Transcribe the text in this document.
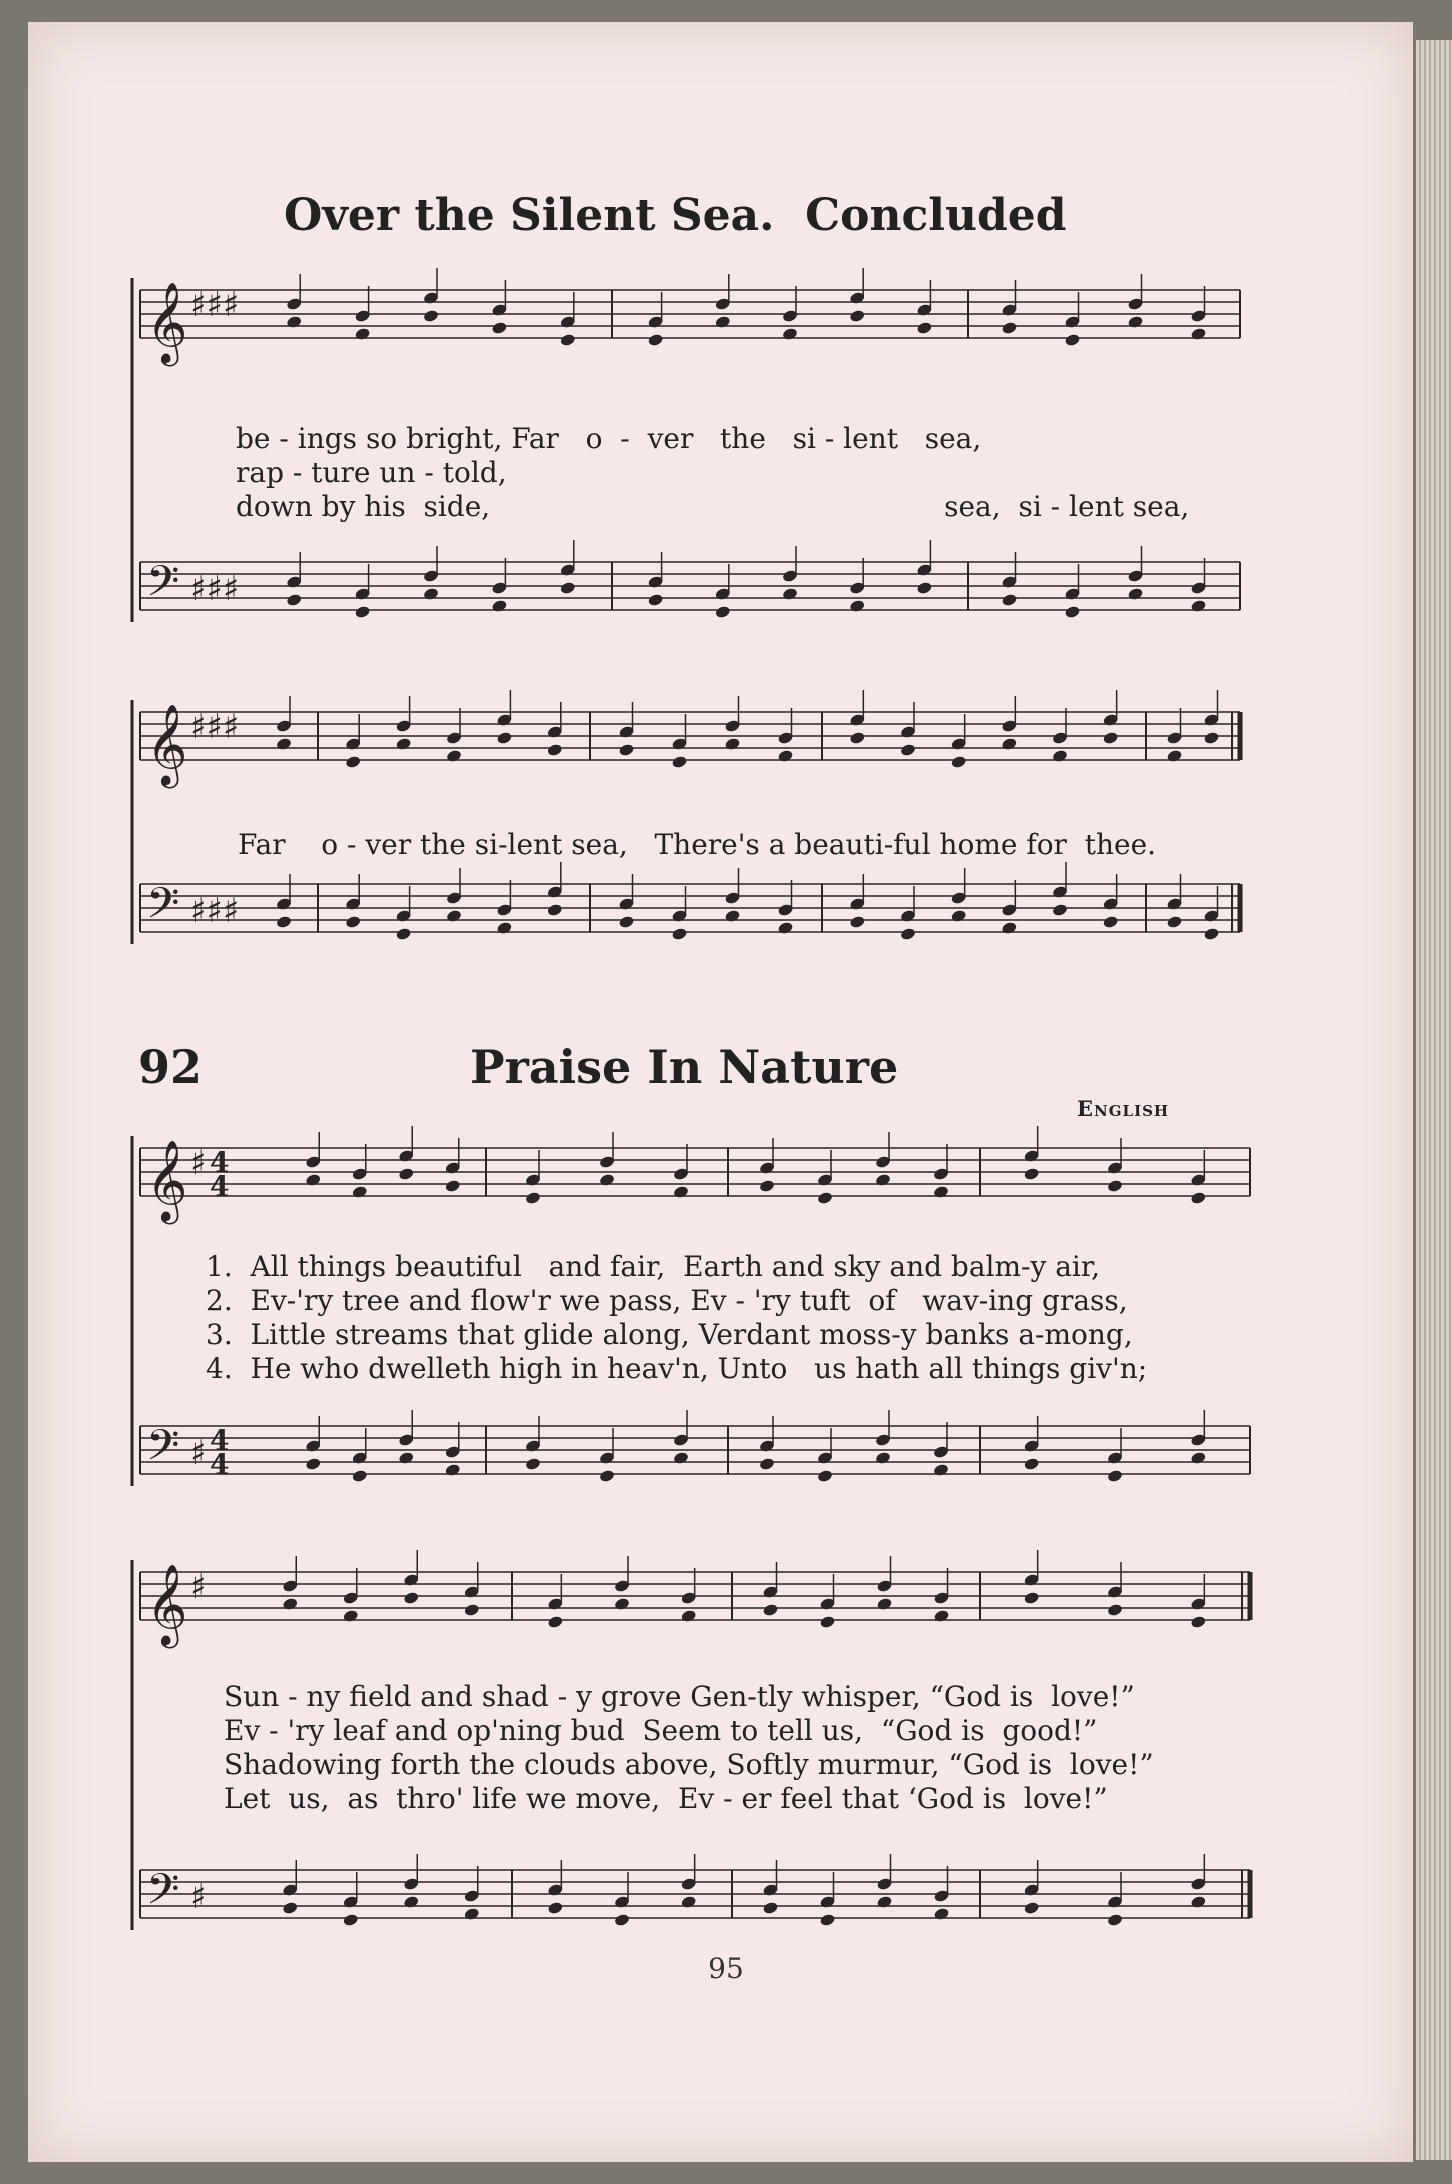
Over the Silent Sea. Concluded
𝄞
𝄢
♯♯♯
♯♯♯
𝄞
𝄢
♯♯♯
♯♯♯
𝄞
𝄢
♯
♯
4
4
4
4
𝄞
𝄢
♯
♯
be - ings so bright, Far   o  -  ver   the   si - lent   sea,
rap - ture un - told,
down by his  side,                                                   sea,  si - lent sea,
Far    o - ver the si-lent sea,   There's a beauti-ful home for  thee.
92	Praise In Nature
English
1.  All things beautiful   and fair,  Earth and sky and balm-y air,
2.  Ev-'ry tree and flow'r we pass, Ev - 'ry tuft  of   wav-ing grass,
3.  Little streams that glide along, Verdant moss-y banks a-mong,
4.  He who dwelleth high in heav'n, Unto   us hath all things giv'n;
Sun - ny field and shad - y grove Gen-tly whisper, “God is  love!”
Ev - 'ry leaf and op'ning bud  Seem to tell us,  “God is  good!”
Shadowing forth the clouds above, Softly murmur, “God is  love!”
Let  us,  as  thro' life we move,  Ev - er feel that ‘God is  love!”
95
